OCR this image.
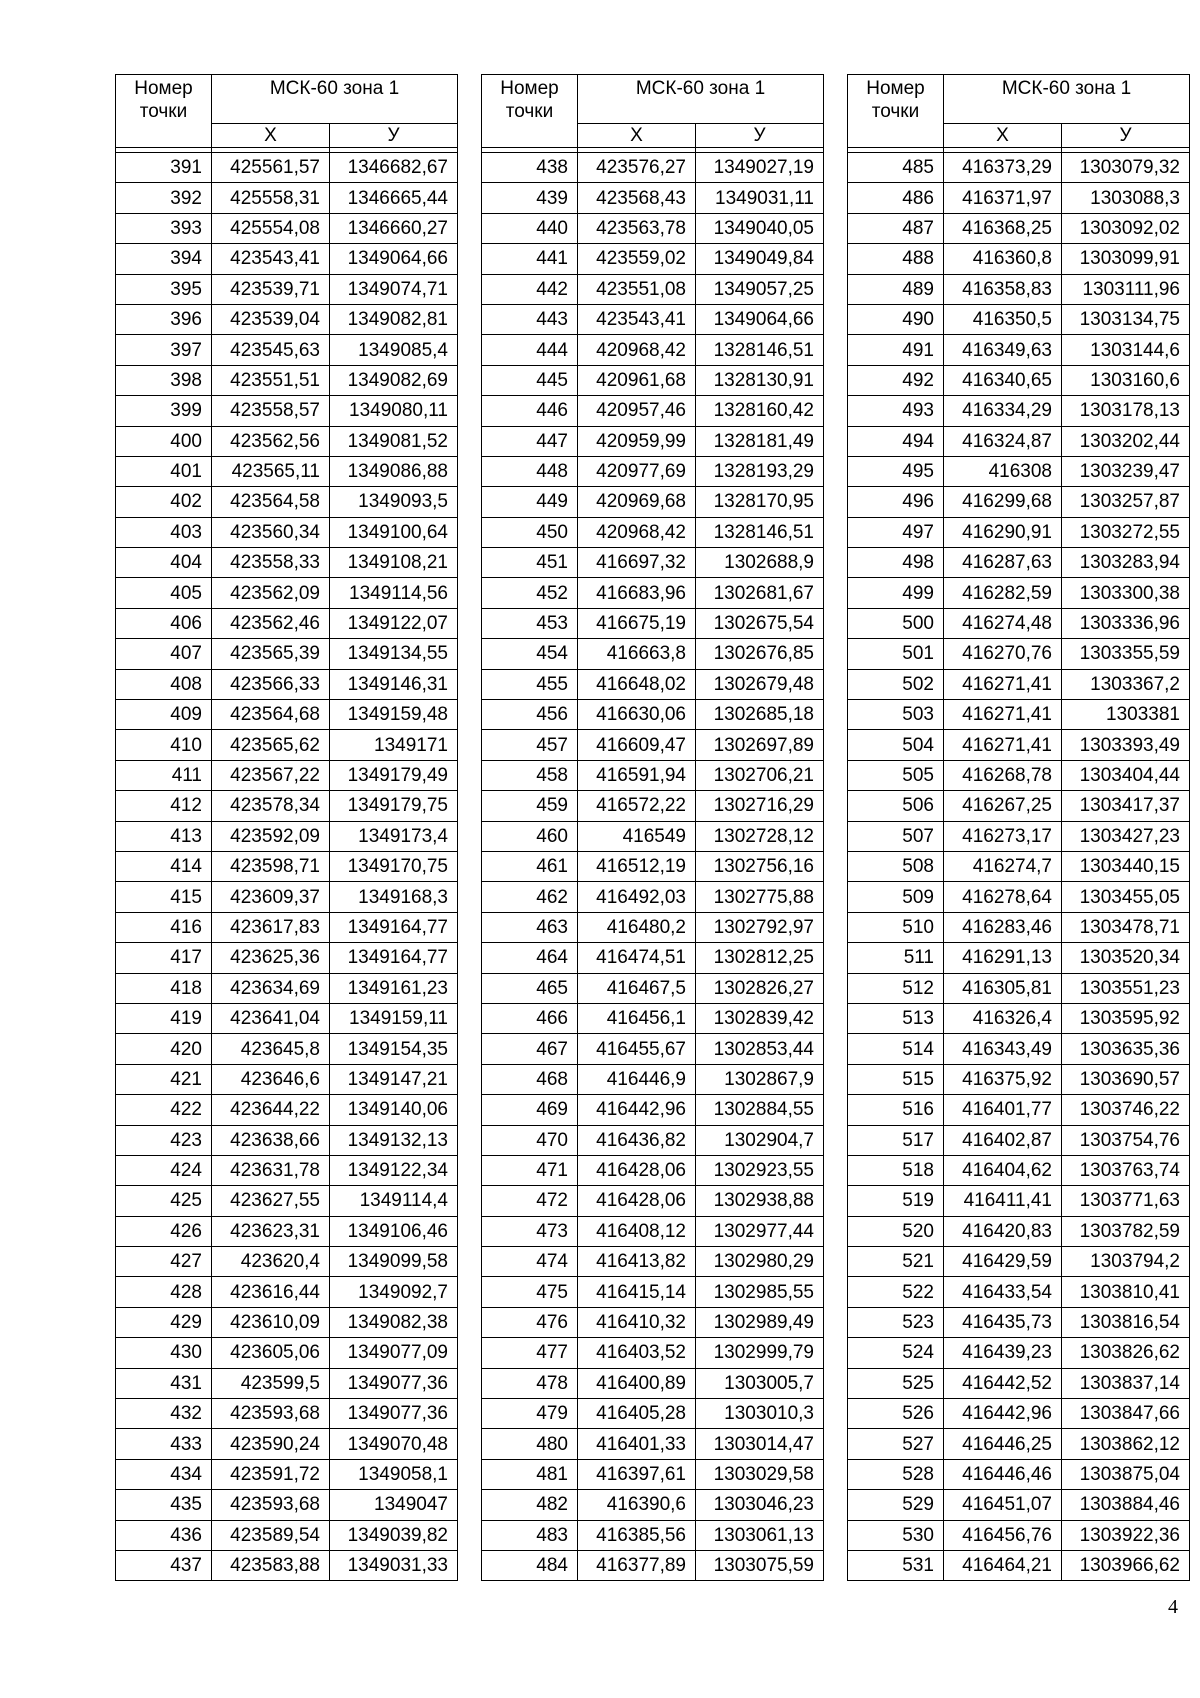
Номер точки	МСК-60 зона 1	
	X	У

391	425561,57	1346682,67
392	425558,31	1346665,44
393	425554,08	1346660,27
394	423543,41	1349064,66
395	423539,71	1349074,71
396	423539,04	1349082,81
397	423545,63	1349085,4
398	423551,51	1349082,69
399	423558,57	1349080,11
400	423562,56	1349081,52
401	423565,11	1349086,88
402	423564,58	1349093,5
403	423560,34	1349100,64
404	423558,33	1349108,21
405	423562,09	1349114,56
406	423562,46	1349122,07
407	423565,39	1349134,55
408	423566,33	1349146,31
409	423564,68	1349159,48
410	423565,62	1349171
411	423567,22	1349179,49
412	423578,34	1349179,75
413	423592,09	1349173,4
414	423598,71	1349170,75
415	423609,37	1349168,3
416	423617,83	1349164,77
417	423625,36	1349164,77
418	423634,69	1349161,23
419	423641,04	1349159,11
420	423645,8	1349154,35
421	423646,6	1349147,21
422	423644,22	1349140,06
423	423638,66	1349132,13
424	423631,78	1349122,34
425	423627,55	1349114,4
426	423623,31	1349106,46
427	423620,4	1349099,58
428	423616,44	1349092,7
429	423610,09	1349082,38
430	423605,06	1349077,09
431	423599,5	1349077,36
432	423593,68	1349077,36
433	423590,24	1349070,48
434	423591,72	1349058,1
435	423593,68	1349047
436	423589,54	1349039,82
437	423583,88	1349031,33
Номер точки	МСК-60 зона 1	
	X	У

438	423576,27	1349027,19
439	423568,43	1349031,11
440	423563,78	1349040,05
441	423559,02	1349049,84
442	423551,08	1349057,25
443	423543,41	1349064,66
444	420968,42	1328146,51
445	420961,68	1328130,91
446	420957,46	1328160,42
447	420959,99	1328181,49
448	420977,69	1328193,29
449	420969,68	1328170,95
450	420968,42	1328146,51
451	416697,32	1302688,9
452	416683,96	1302681,67
453	416675,19	1302675,54
454	416663,8	1302676,85
455	416648,02	1302679,48
456	416630,06	1302685,18
457	416609,47	1302697,89
458	416591,94	1302706,21
459	416572,22	1302716,29
460	416549	1302728,12
461	416512,19	1302756,16
462	416492,03	1302775,88
463	416480,2	1302792,97
464	416474,51	1302812,25
465	416467,5	1302826,27
466	416456,1	1302839,42
467	416455,67	1302853,44
468	416446,9	1302867,9
469	416442,96	1302884,55
470	416436,82	1302904,7
471	416428,06	1302923,55
472	416428,06	1302938,88
473	416408,12	1302977,44
474	416413,82	1302980,29
475	416415,14	1302985,55
476	416410,32	1302989,49
477	416403,52	1302999,79
478	416400,89	1303005,7
479	416405,28	1303010,3
480	416401,33	1303014,47
481	416397,61	1303029,58
482	416390,6	1303046,23
483	416385,56	1303061,13
484	416377,89	1303075,59
Номер точки	МСК-60 зона 1	
	X	У

485	416373,29	1303079,32
486	416371,97	1303088,3
487	416368,25	1303092,02
488	416360,8	1303099,91
489	416358,83	1303111,96
490	416350,5	1303134,75
491	416349,63	1303144,6
492	416340,65	1303160,6
493	416334,29	1303178,13
494	416324,87	1303202,44
495	416308	1303239,47
496	416299,68	1303257,87
497	416290,91	1303272,55
498	416287,63	1303283,94
499	416282,59	1303300,38
500	416274,48	1303336,96
501	416270,76	1303355,59
502	416271,41	1303367,2
503	416271,41	1303381
504	416271,41	1303393,49
505	416268,78	1303404,44
506	416267,25	1303417,37
507	416273,17	1303427,23
508	416274,7	1303440,15
509	416278,64	1303455,05
510	416283,46	1303478,71
511	416291,13	1303520,34
512	416305,81	1303551,23
513	416326,4	1303595,92
514	416343,49	1303635,36
515	416375,92	1303690,57
516	416401,77	1303746,22
517	416402,87	1303754,76
518	416404,62	1303763,74
519	416411,41	1303771,63
520	416420,83	1303782,59
521	416429,59	1303794,2
522	416433,54	1303810,41
523	416435,73	1303816,54
524	416439,23	1303826,62
525	416442,52	1303837,14
526	416442,96	1303847,66
527	416446,25	1303862,12
528	416446,46	1303875,04
529	416451,07	1303884,46
530	416456,76	1303922,36
531	416464,21	1303966,62
4
